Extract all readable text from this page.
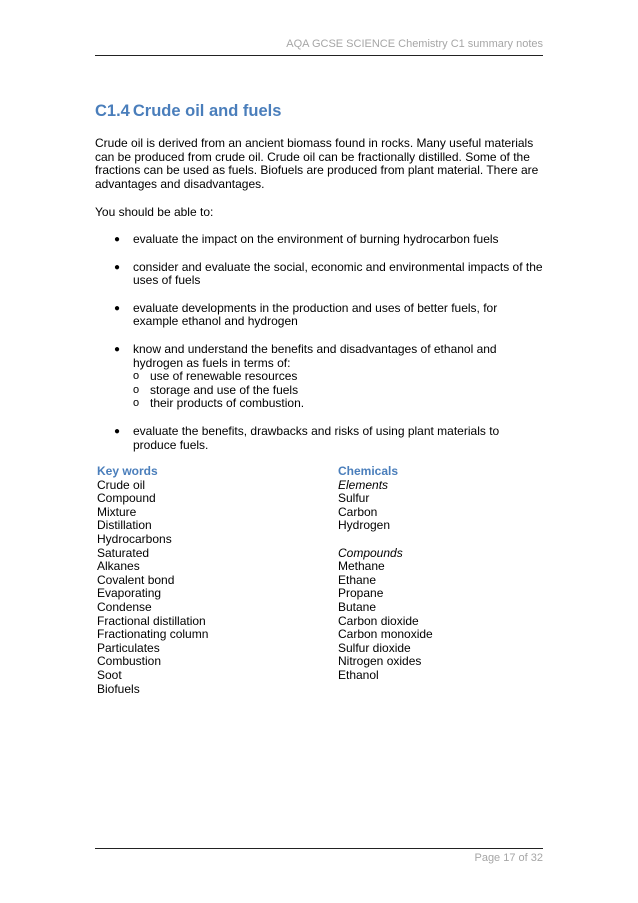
AQA GCSE SCIENCE Chemistry C1 summary notes
C1.4 Crude oil and fuels
Crude oil is derived from an ancient biomass found in rocks. Many useful materials can be produced from crude oil. Crude oil can be fractionally distilled. Some of the fractions can be used as fuels. Biofuels are produced from plant material. There are advantages and disadvantages.
You should be able to:
● evaluate the impact on the environment of burning hydrocarbon fuels
● consider and evaluate the social, economic and environmental impacts of the uses of fuels
● evaluate developments in the production and uses of better fuels, for example ethanol and hydrogen
● know and understand the benefits and disadvantages of ethanol and hydrogen as fuels in terms of:
o use of renewable resources
o storage and use of the fuels
o their products of combustion.
● evaluate the benefits, drawbacks and risks of using plant materials to produce fuels.
Key words
Crude oil
Compound
Mixture
Distillation
Hydrocarbons
Saturated
Alkanes
Covalent bond
Evaporating
Condense
Fractional distillation
Fractionating column
Particulates
Combustion
Soot
Biofuels
Chemicals
Elements
Sulfur
Carbon
Hydrogen
Compounds
Methane
Ethane
Propane
Butane
Carbon dioxide
Carbon monoxide
Sulfur dioxide
Nitrogen oxides
Ethanol
Page 17 of 32
